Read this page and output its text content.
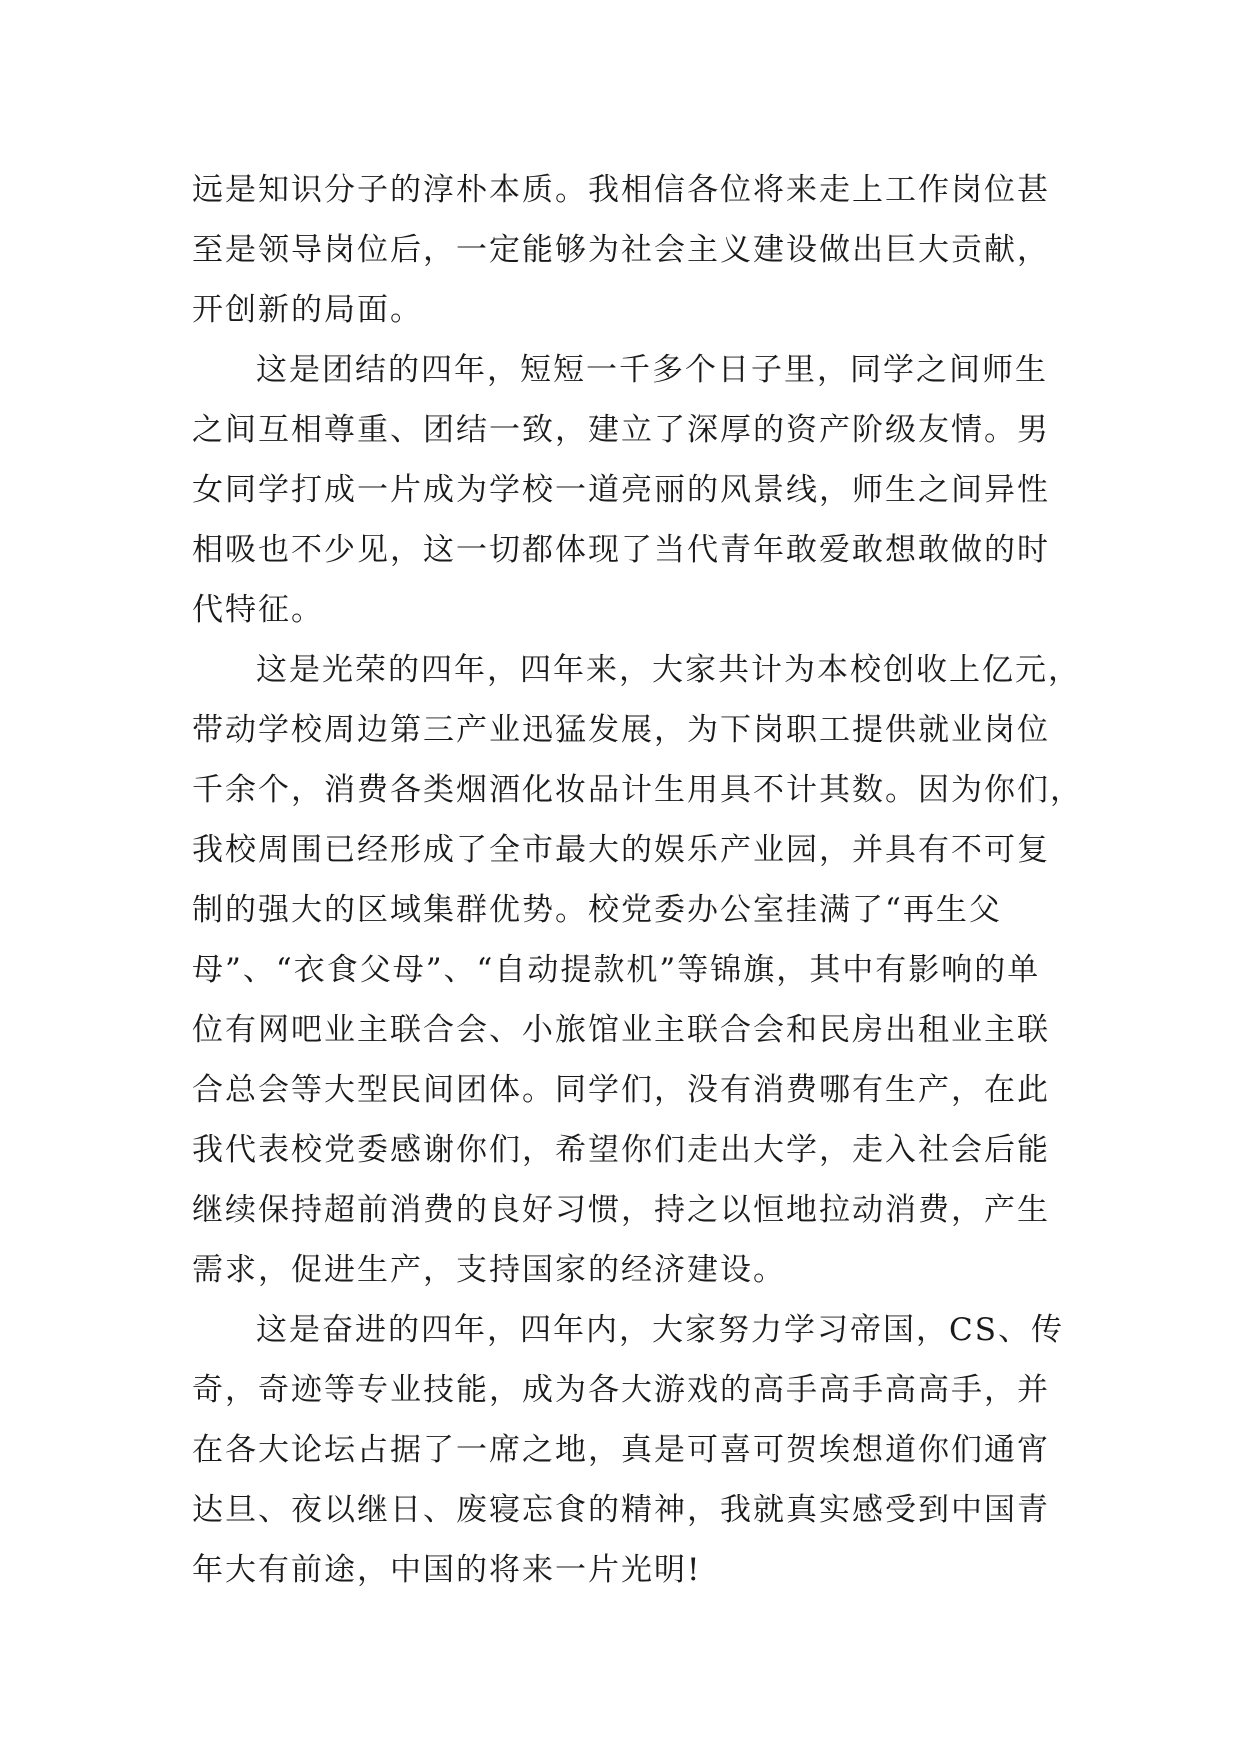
远是知识分子的淳朴本质。我相信各位将来走上工作岗位甚
至是领导岗位后，一定能够为社会主义建设做出巨大贡献，
开创新的局面。
这是团结的四年，短短一千多个日子里，同学之间师生
之间互相尊重、团结一致，建立了深厚的资产阶级友情。男
女同学打成一片成为学校一道亮丽的风景线，师生之间异性
相吸也不少见，这一切都体现了当代青年敢爱敢想敢做的时
代特征。
这是光荣的四年，四年来，大家共计为本校创收上亿元，
带动学校周边第三产业迅猛发展，为下岗职工提供就业岗位
千余个，消费各类烟酒化妆品计生用具不计其数。因为你们，
我校周围已经形成了全市最大的娱乐产业园，并具有不可复
制的强大的区域集群优势。校党委办公室挂满了“再生父
母”、“衣食父母”、“自动提款机”等锦旗，其中有影响的单
位有网吧业主联合会、小旅馆业主联合会和民房出租业主联
合总会等大型民间团体。同学们，没有消费哪有生产，在此
我代表校党委感谢你们，希望你们走出大学，走入社会后能
继续保持超前消费的良好习惯，持之以恒地拉动消费，产生
需求，促进生产，支持国家的经济建设。
这是奋进的四年，四年内，大家努力学习帝国，CS、传
奇，奇迹等专业技能，成为各大游戏的高手高手高高手，并
在各大论坛占据了一席之地，真是可喜可贺埃想道你们通宵
达旦、夜以继日、废寝忘食的精神，我就真实感受到中国青
年大有前途，中国的将来一片光明!
